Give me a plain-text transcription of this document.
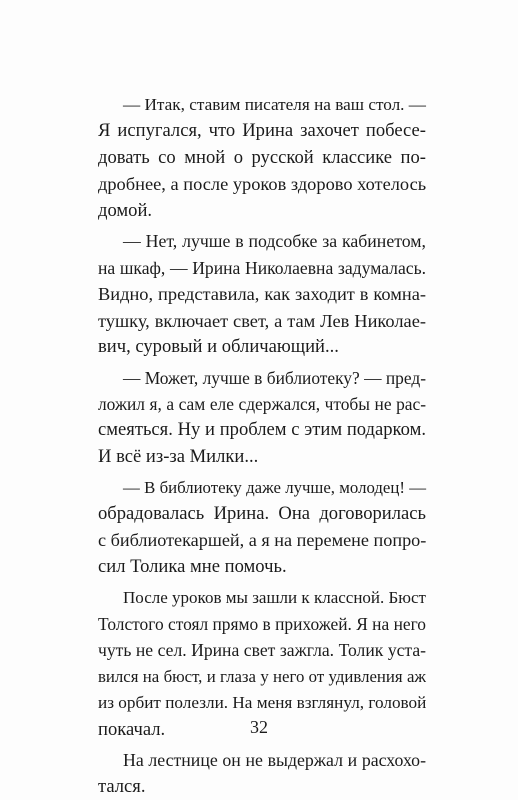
— Итак, ставим писателя на ваш стол. —
Я испугался, что Ирина захочет побесе-
довать со мной о русской классике по-
дробнее, а после уроков здорово хотелось
домой.

— Нет, лучше в подсобке за кабинетом,
на шкаф, — Ирина Николаевна задумалась.
Видно, представила, как заходит в комна-
тушку, включает свет, а там Лев Николае-
вич, суровый и обличающий...

— Может, лучше в библиотеку? — пред-
ложил я, а сам еле сдержался, чтобы не рас-
смеяться. Ну и проблем с этим подарком.
И всё из-за Милки...

— В библиотеку даже лучше, молодец! —
обрадовалась Ирина. Она договорилась
с библиотекаршей, а я на перемене попро-
сил Толика мне помочь.

После уроков мы зашли к классной. Бюст
Толстого стоял прямо в прихожей. Я на него
чуть не сел. Ирина свет зажгла. Толик уста-
вился на бюст, и глаза у него от удивления аж
из орбит полезли. На меня взглянул, головой
покачал.

На лестнице он не выдержал и расхохо-
тался.

32
